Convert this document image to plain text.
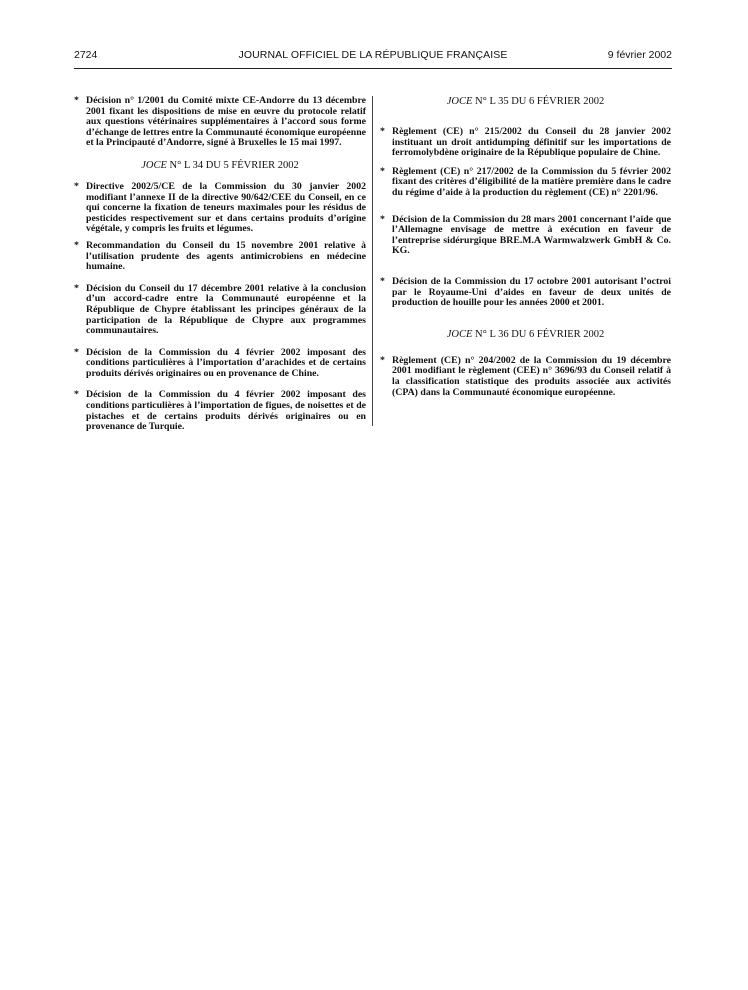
2724	JOURNAL OFFICIEL DE LA RÉPUBLIQUE FRANÇAISE	9 février 2002

* Décision n° 1/2001 du Comité mixte CE-Andorre du 13 décembre 2001 fixant les dispositions de mise en œuvre du protocole relatif aux questions vétérinaires supplémentaires à l’accord sous forme d’échange de lettres entre la Communauté économique européenne et la Principauté d’Andorre, signé à Bruxelles le 15 mai 1997.

JOCE N° L 34 DU 5 FÉVRIER 2002

* Directive 2002/5/CE de la Commission du 30 janvier 2002 modifiant l’annexe II de la directive 90/642/CEE du Conseil, en ce qui concerne la fixation de teneurs maximales pour les résidus de pesticides respectivement sur et dans certains produits d’origine végétale, y compris les fruits et légumes.

* Recommandation du Conseil du 15 novembre 2001 relative à l’utilisation prudente des agents antimicrobiens en médecine humaine.

* Décision du Conseil du 17 décembre 2001 relative à la conclusion d’un accord-cadre entre la Communauté européenne et la République de Chypre établissant les principes généraux de la participation de la République de Chypre aux programmes communautaires.

* Décision de la Commission du 4 février 2002 imposant des conditions particulières à l’importation d’arachides et de certains produits dérivés originaires ou en provenance de Chine.

* Décision de la Commission du 4 février 2002 imposant des conditions particulières à l’importation de figues, de noisettes et de pistaches et de certains produits dérivés originaires ou en provenance de Turquie.

JOCE N° L 35 DU 6 FÉVRIER 2002

* Règlement (CE) n° 215/2002 du Conseil du 28 janvier 2002 instituant un droit antidumping définitif sur les importations de ferromolybdène originaire de la République populaire de Chine.

* Règlement (CE) n° 217/2002 de la Commission du 5 février 2002 fixant des critères d’éligibilité de la matière première dans le cadre du régime d’aide à la production du règlement (CE) n° 2201/96.

* Décision de la Commission du 28 mars 2001 concernant l’aide que l’Allemagne envisage de mettre à exécution en faveur de l’entreprise sidérurgique BRE.M.A Warmwalzwerk GmbH & Co. KG.

* Décision de la Commission du 17 octobre 2001 autorisant l’octroi par le Royaume-Uni d’aides en faveur de deux unités de production de houille pour les années 2000 et 2001.

JOCE N° L 36 DU 6 FÉVRIER 2002

* Règlement (CE) n° 204/2002 de la Commission du 19 décembre 2001 modifiant le règlement (CEE) n° 3696/93 du Conseil relatif à la classification statistique des produits associée aux activités (CPA) dans la Communauté économique européenne.
